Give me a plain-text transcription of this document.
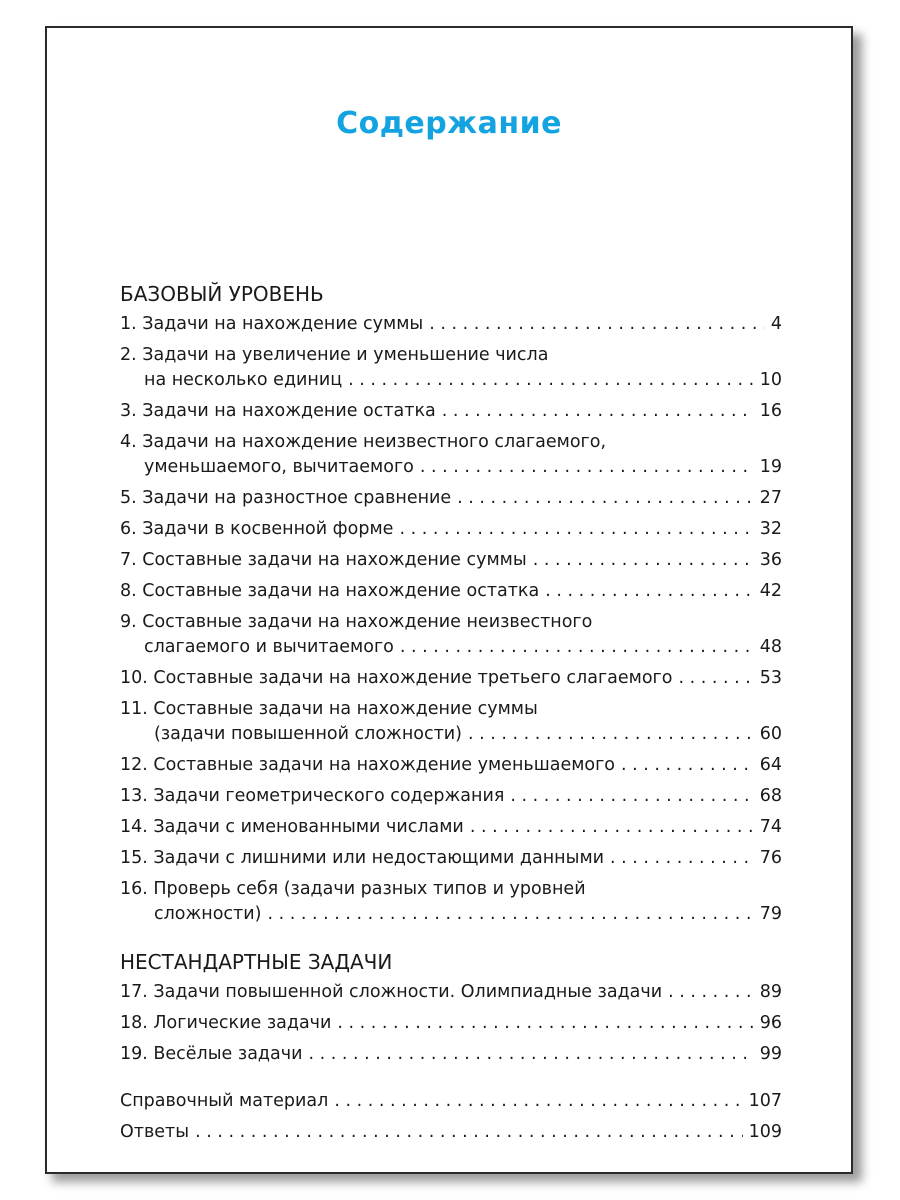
Содержание
БАЗОВЫЙ УРОВЕНЬ
1. Задачи на нахождение суммы . . .	4
2. Задачи на увеличение и уменьшение числа
на несколько единиц . . .	10
3. Задачи на нахождение остатка . . .	16
4. Задачи на нахождение неизвестного слагаемого,
уменьшаемого, вычитаемого . . .	19
5. Задачи на разностное сравнение . . .	27
6. Задачи в косвенной форме . . .	32
7. Составные задачи на нахождение суммы . . .	36
8. Составные задачи на нахождение остатка . . .	42
9. Составные задачи на нахождение неизвестного
слагаемого и вычитаемого . . .	48
10. Составные задачи на нахождение третьего слагаемого . . .	53
11. Составные задачи на нахождение суммы
(задачи повышенной сложности) . . .	60
12. Составные задачи на нахождение уменьшаемого . . .	64
13. Задачи геометрического содержания . . .	68
14. Задачи с именованными числами . . .	74
15. Задачи с лишними или недостающими данными . . .	76
16. Проверь себя (задачи разных типов и уровней
сложности) . . .	79
НЕСТАНДАРТНЫЕ ЗАДАЧИ
17. Задачи повышенной сложности. Олимпиадные задачи . . .	89
18. Логические задачи . . .	96
19. Весёлые задачи . . .	99
Справочный материал . . .	107
Ответы . . .	109
